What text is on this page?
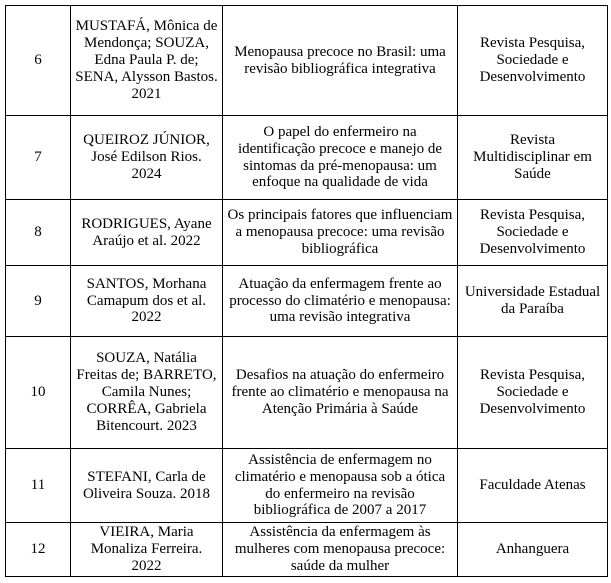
6	MUSTAFÁ, Mônica de Mendonça; SOUZA, Edna Paula P. de; SENA, Alysson Bastos. 2021	Menopausa precoce no Brasil: uma revisão bibliográfica integrativa	Revista Pesquisa, Sociedade e Desenvolvimento
7	QUEIROZ JÚNIOR, José Edilson Rios. 2024	O papel do enfermeiro na identificação precoce e manejo de sintomas da pré-menopausa: um enfoque na qualidade de vida	Revista Multidisciplinar em Saúde
8	RODRIGUES, Ayane Araújo et al. 2022	Os principais fatores que influenciam a menopausa precoce: uma revisão bibliográfica	Revista Pesquisa, Sociedade e Desenvolvimento
9	SANTOS, Morhana Camapum dos et al. 2022	Atuação da enfermagem frente ao processo do climatério e menopausa: uma revisão integrativa	Universidade Estadual da Paraíba
10	SOUZA, Natália Freitas de; BARRETO, Camila Nunes; CORRÊA, Gabriela Bitencourt. 2023	Desafios na atuação do enfermeiro frente ao climatério e menopausa na Atenção Primária à Saúde	Revista Pesquisa, Sociedade e Desenvolvimento
11	STEFANI, Carla de Oliveira Souza. 2018	Assistência de enfermagem no climatério e menopausa sob a ótica do enfermeiro na revisão bibliográfica de 2007 a 2017	Faculdade Atenas
12	VIEIRA, Maria Monaliza Ferreira. 2022	Assistência da enfermagem às mulheres com menopausa precoce: saúde da mulher	Anhanguera
